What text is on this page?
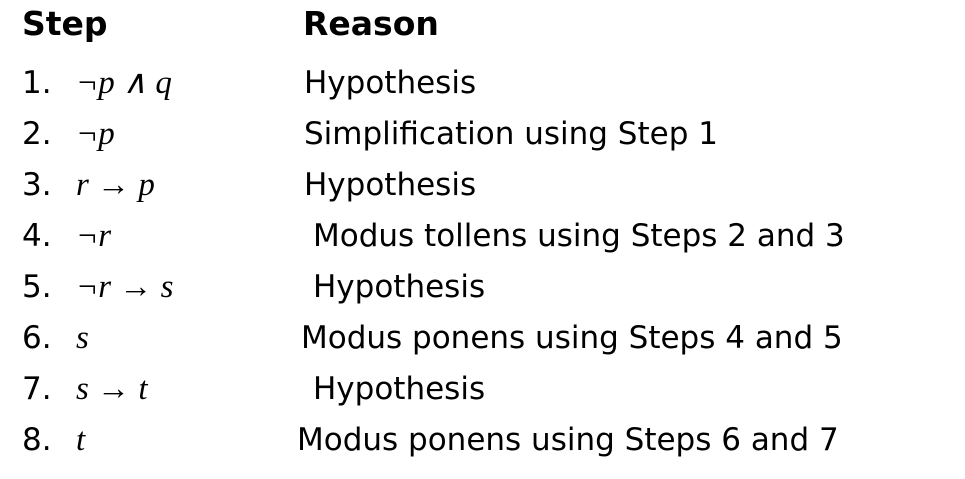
Step	Reason
1. ¬p ∧ q	Hypothesis
2. ¬p	Simplification using Step 1
3. r → p	Hypothesis
4. ¬r	Modus tollens using Steps 2 and 3
5. ¬r → s	Hypothesis
6. s	Modus ponens using Steps 4 and 5
7. s → t	Hypothesis
8. t	Modus ponens using Steps 6 and 7
